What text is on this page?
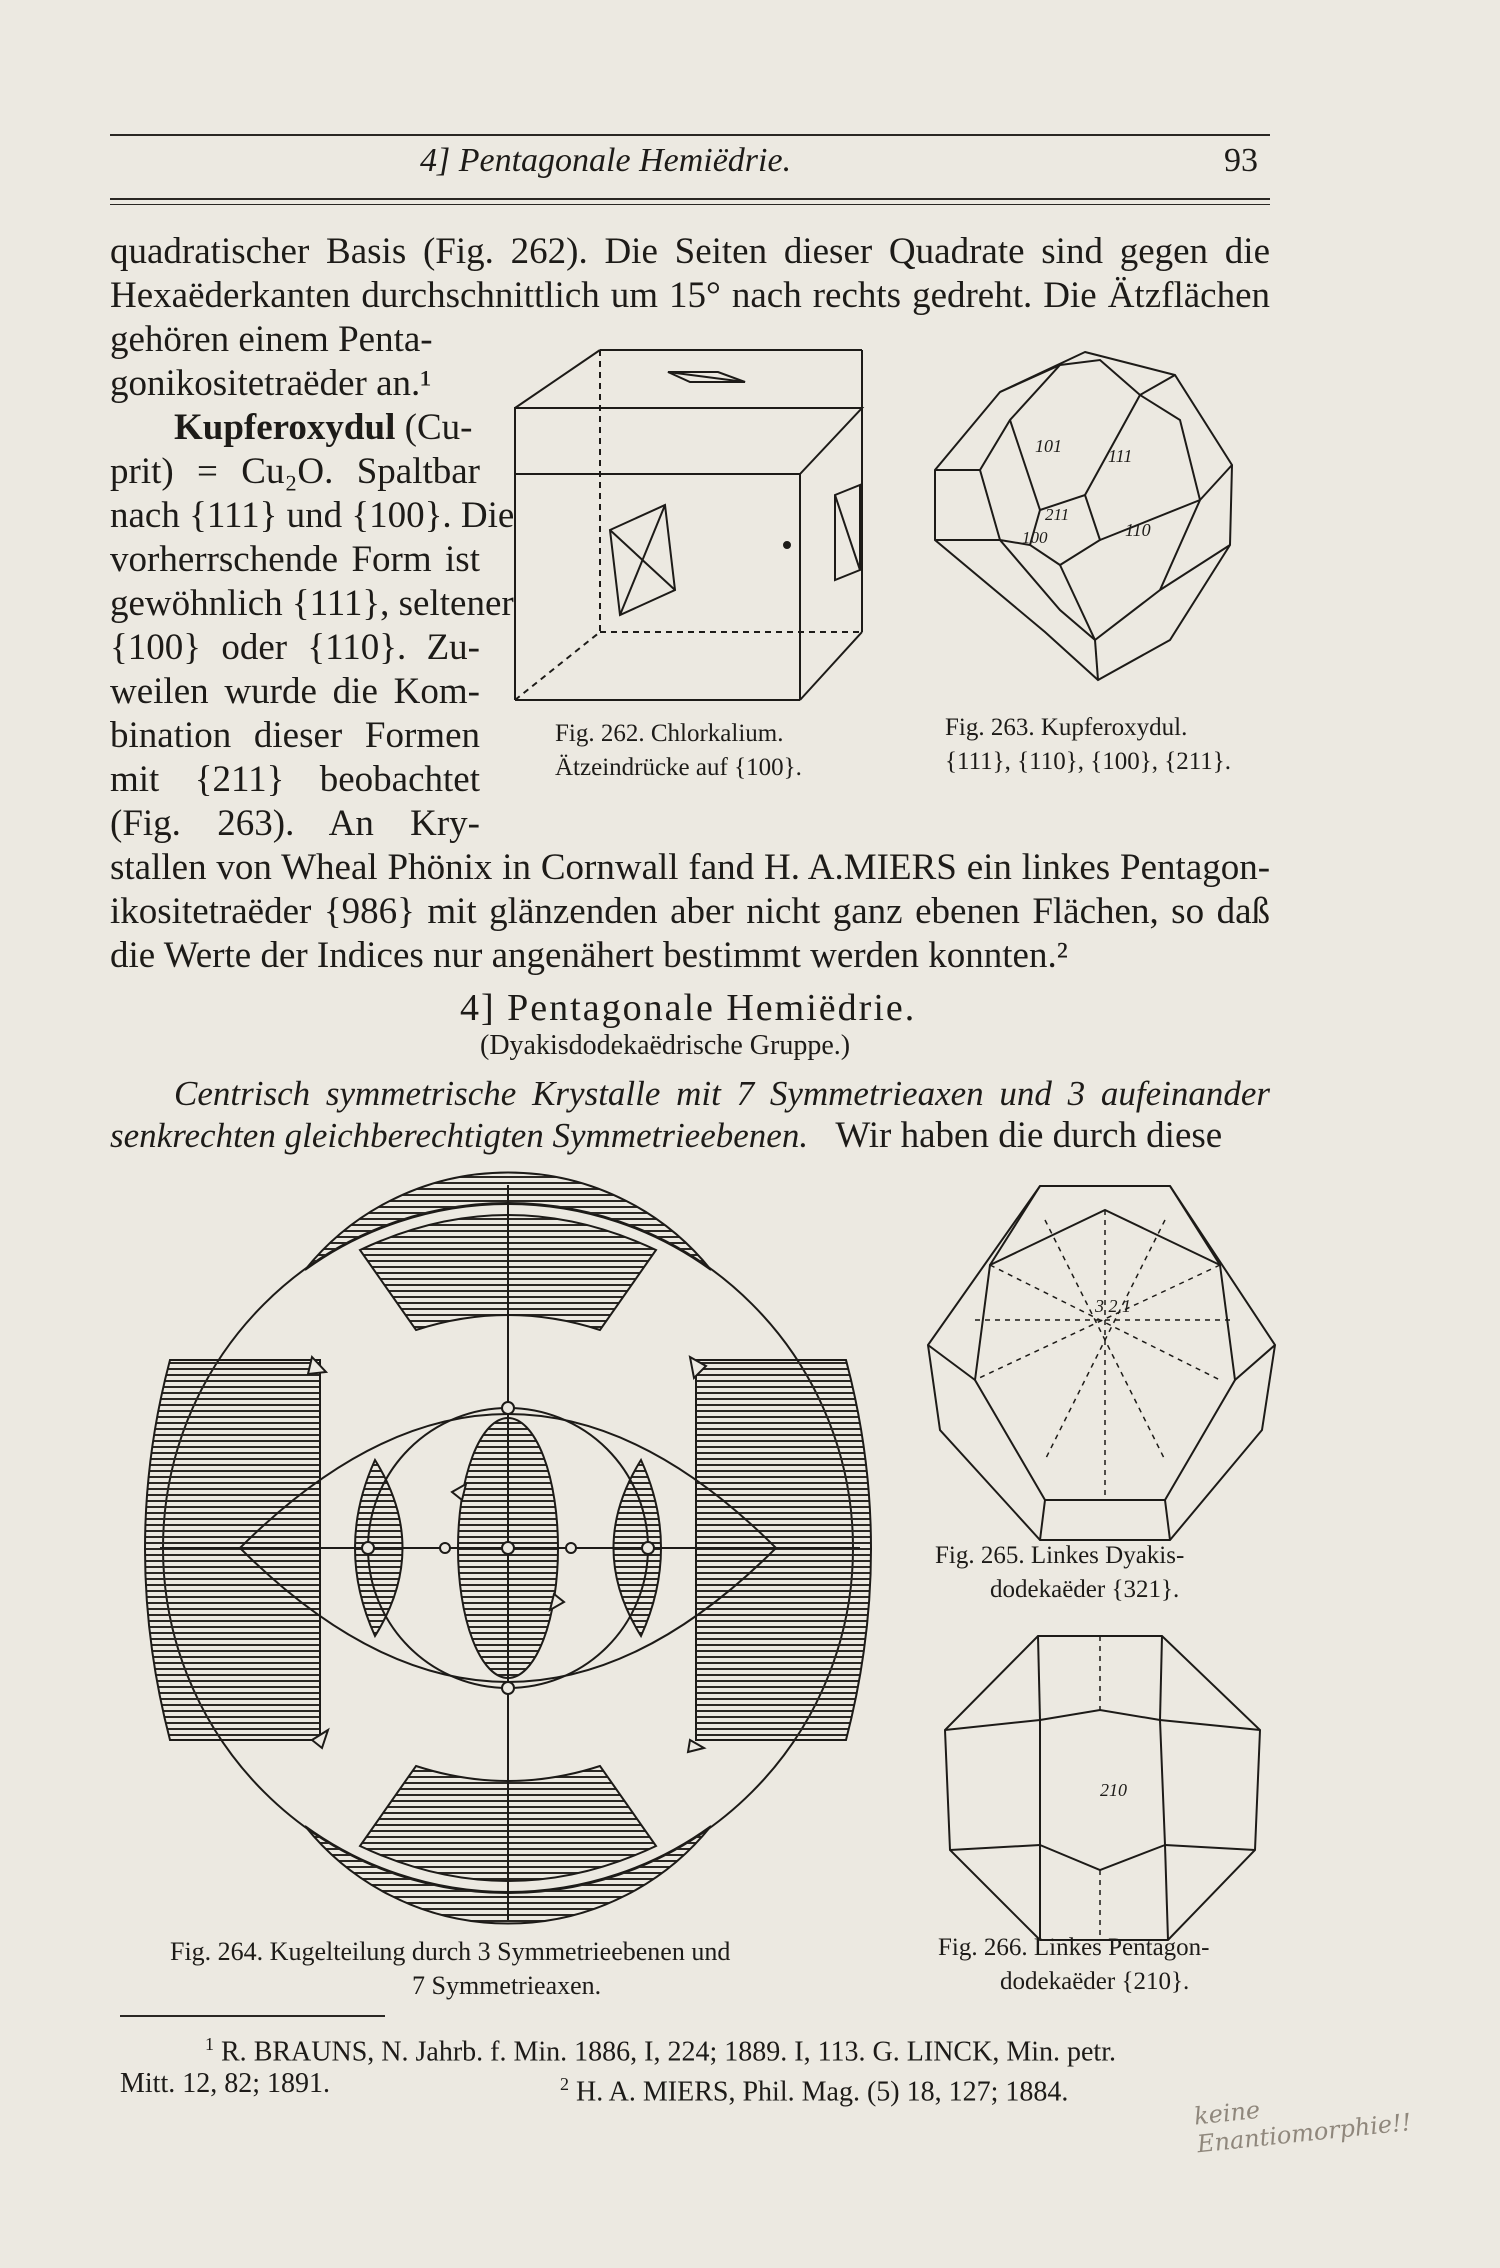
4] Pentagonale Hemiëdrie.	93
quadratischer Basis (Fig. 262). Die Seiten dieser Quadrate sind gegen die
Hexaëderkanten durchschnittlich um 15° nach rechts gedreht. Die Ätzflächen
gehören einem Penta-
gonikositetraëder an.¹
Kupferoxydul (Cu-
prit) = Cu₂O. Spaltbar
nach {111} und {100}. Die
vorherrschende Form ist
gewöhnlich {111}, seltener
{100} oder {110}. Zu-
weilen wurde die Kom-
bination dieser Formen
mit {211} beobachtet
(Fig. 263). An Kry-
stallen von Wheal Phönix in Cornwall fand H. A.MIERS ein linkes Pentagon-
ikositetraëder {986} mit glänzenden aber nicht ganz ebenen Flächen, so daß
die Werte der Indices nur angenähert bestimmt werden konnten.²
4] Pentagonale Hemiëdrie.
(Dyakisdodekaëdrische Gruppe.)
Centrisch symmetrische Krystalle mit 7 Symmetrieaxen und 3 aufeinander
senkrechten gleichberechtigten Symmetrieebenen. Wir haben die durch diese
Fig. 262. Chlorkalium.
Ätzeindrücke auf {100}.
101	111
211
110
100
Fig. 263. Kupferoxydul.
{111}, {110}, {100}, {211}.
Fig. 264. Kugelteilung durch 3 Symmetrieebenen und
7 Symmetrieaxen.
3 2 1
Fig. 265. Linkes Dyakis-
dodekaëder {321}.
210
Fig. 266. Linkes Pentagon-
dodekaëder {210}.
$^1$ R. BRAUNS, N. Jahrb. f. Min. 1886, I, 224; 1889. I, 113. G. LINCK, Min. petr.
Mitt. 12, 82; 1891.	$^2$ H. A. MIERS, Phil. Mag. (5) 18, 127; 1884.
keine Enantiomorphie!!
